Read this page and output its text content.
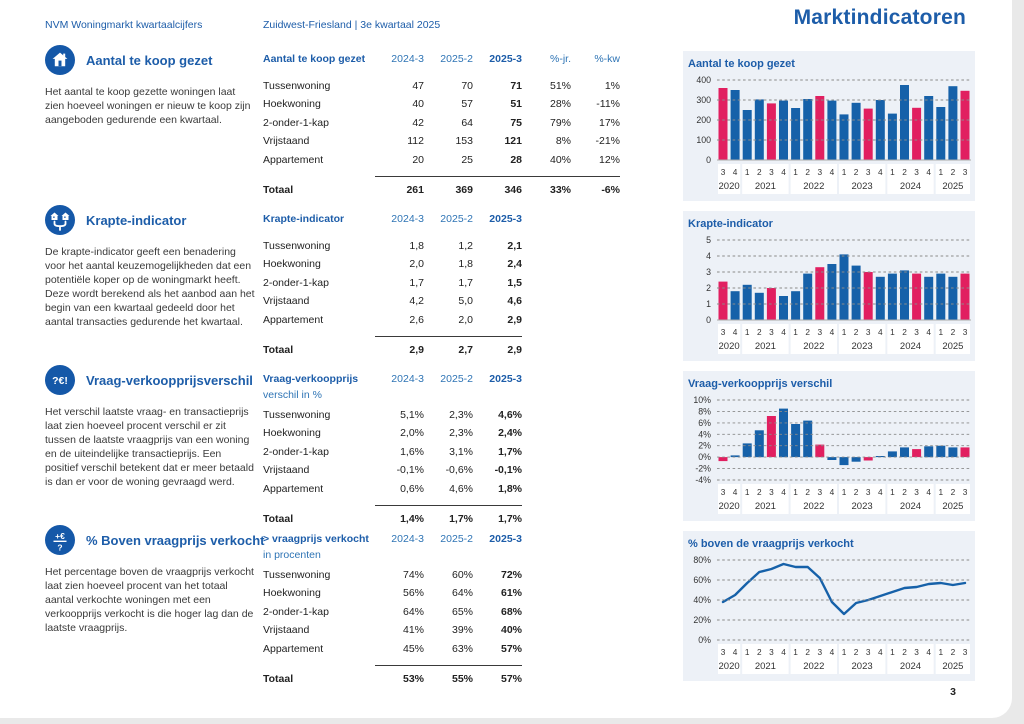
NVM Woningmarkt kwartaalcijfers	Zuidwest-Friesland | 3e kwartaal 2025	Marktindicatoren
Aantal te koop gezet

Het aantal te koop gezette woningen laat zien hoeveel woningen er nieuw te koop zijn aangeboden gedurende een kwartaal.

Aantal te koop gezet	2024-3	2025-2	2025-3	%-jr.	%-kw
Tussenwoning	47	70	71	51%	1%
Hoekwoning	40	57	51	28%	-11%
2-onder-1-kap	42	64	75	79%	17%
Vrijstaand	112	153	121	8%	-21%
Appartement	20	25	28	40%	12%
Totaal	261	369	346	33%	-6%
Aantal te koop gezet
3 4
2020
1 2 3 4
2021
1 2 3 4
2022
1 2 3 4
2023
1 2 3 4
2024
1 2 3
2025
0
100
200
300
400
Krapte-indicator

De krapte-indicator geeft een benadering voor het aantal keuzemogelijkheden dat een potentiële koper op de woningmarkt heeft. Deze wordt berekend als het aanbod aan het begin van een kwartaal gedeeld door het aantal transacties gedurende het kwartaal.

Krapte-indicator	2024-3	2025-2	2025-3
Tussenwoning	1,8	1,2	2,1
Hoekwoning	2,0	1,8	2,4
2-onder-1-kap	1,7	1,7	1,5
Vrijstaand	4,2	5,0	4,6
Appartement	2,6	2,0	2,9
Totaal	2,9	2,7	2,9
Krapte-indicator
3 4
2020
1 2 3 4
2021
1 2 3 4
2022
1 2 3 4
2023
1 2 3 4
2024
1 2 3
2025
0
1
2
3
4
5
?€! Vraag-verkoopprijsverschil

Het verschil laatste vraag- en transactieprijs laat zien hoeveel procent verschil er zit tussen de laatste vraagprijs van een woning en de uiteindelijke transactieprijs. Een positief verschil betekent dat er meer betaald is dan er voor de woning gevraagd werd.

Vraag-verkoopprijs
verschil in %
2024-3	2025-2	2025-3
Tussenwoning	5,1%	2,3%	4,6%
Hoekwoning	2,0%	2,3%	2,4%
2-onder-1-kap	1,6%	3,1%	1,7%
Vrijstaand	-0,1%	-0,6%	-0,1%
Appartement	0,6%	4,6%	1,8%
Totaal	1,4%	1,7%	1,7%
Vraag-verkoopprijs verschil
3 4
2020
1 2 3 4
2021
1 2 3 4
2022
1 2 3 4
2023
1 2 3 4
2024
1 2 3
2025
-4%
-2%
0%
2%
4%
6%
8%
10%
+€
? % Boven vraagprijs verkocht

Het percentage boven de vraagprijs verkocht laat zien hoeveel procent van het totaal aantal verkochte woningen met een verkoopprijs verkocht is die hoger lag dan de laatste vraagprijs.

> vraagprijs verkocht
in procenten
2024-3	2025-2	2025-3
Tussenwoning	74%	60%	72%
Hoekwoning	56%	64%	61%
2-onder-1-kap	64%	65%	68%
Vrijstaand	41%	39%	40%
Appartement	45%	63%	57%
Totaal	53%	55%	57%
% boven de vraagprijs verkocht
3 4
2020
1 2 3 4
2021
1 2 3 4
2022
1 2 3 4
2023
1 2 3 4
2024
1 2 3
2025
0%
20%
40%
60%
80%
3
